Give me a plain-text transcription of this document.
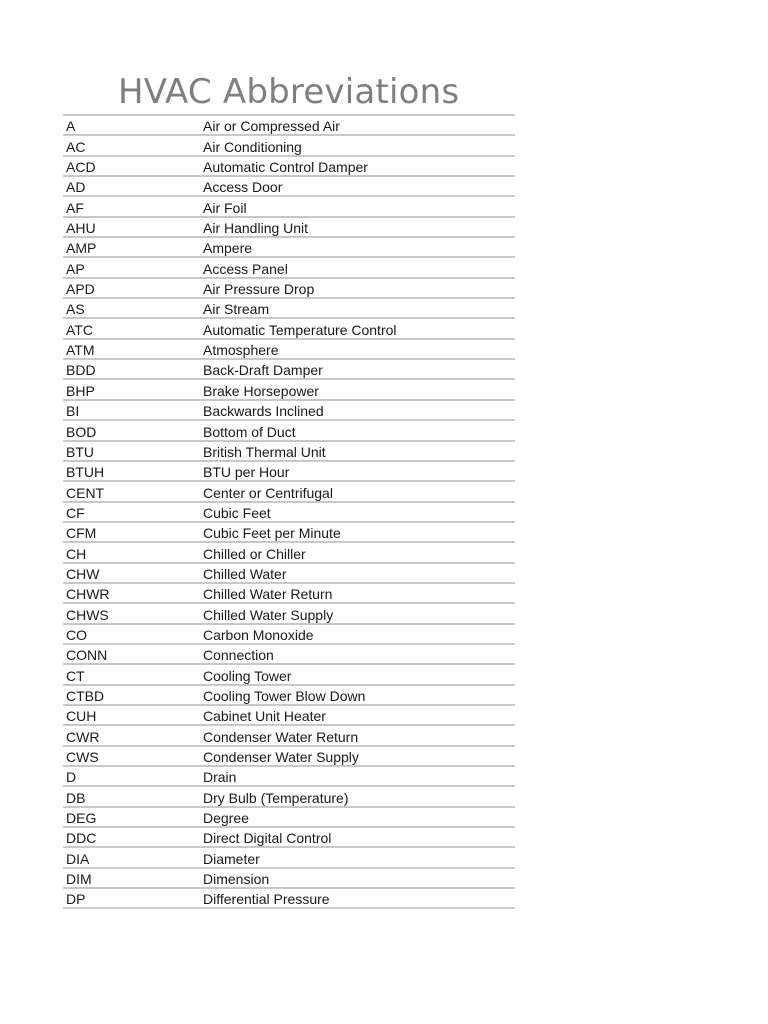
HVAC Abbreviations
A	Air or Compressed Air
AC	Air Conditioning
ACD	Automatic Control Damper
AD	Access Door
AF	Air Foil
AHU	Air Handling Unit
AMP	Ampere
AP	Access Panel
APD	Air Pressure Drop
AS	Air Stream
ATC	Automatic Temperature Control
ATM	Atmosphere
BDD	Back-Draft Damper
BHP	Brake Horsepower
BI	Backwards Inclined
BOD	Bottom of Duct
BTU	British Thermal Unit
BTUH	BTU per Hour
CENT	Center or Centrifugal
CF	Cubic Feet
CFM	Cubic Feet per Minute
CH	Chilled or Chiller
CHW	Chilled Water
CHWR	Chilled Water Return
CHWS	Chilled Water Supply
CO	Carbon Monoxide
CONN	Connection
CT	Cooling Tower
CTBD	Cooling Tower Blow Down
CUH	Cabinet Unit Heater
CWR	Condenser Water Return
CWS	Condenser Water Supply
D	Drain
DB	Dry Bulb (Temperature)
DEG	Degree
DDC	Direct Digital Control
DIA	Diameter
DIM	Dimension
DP	Differential Pressure
